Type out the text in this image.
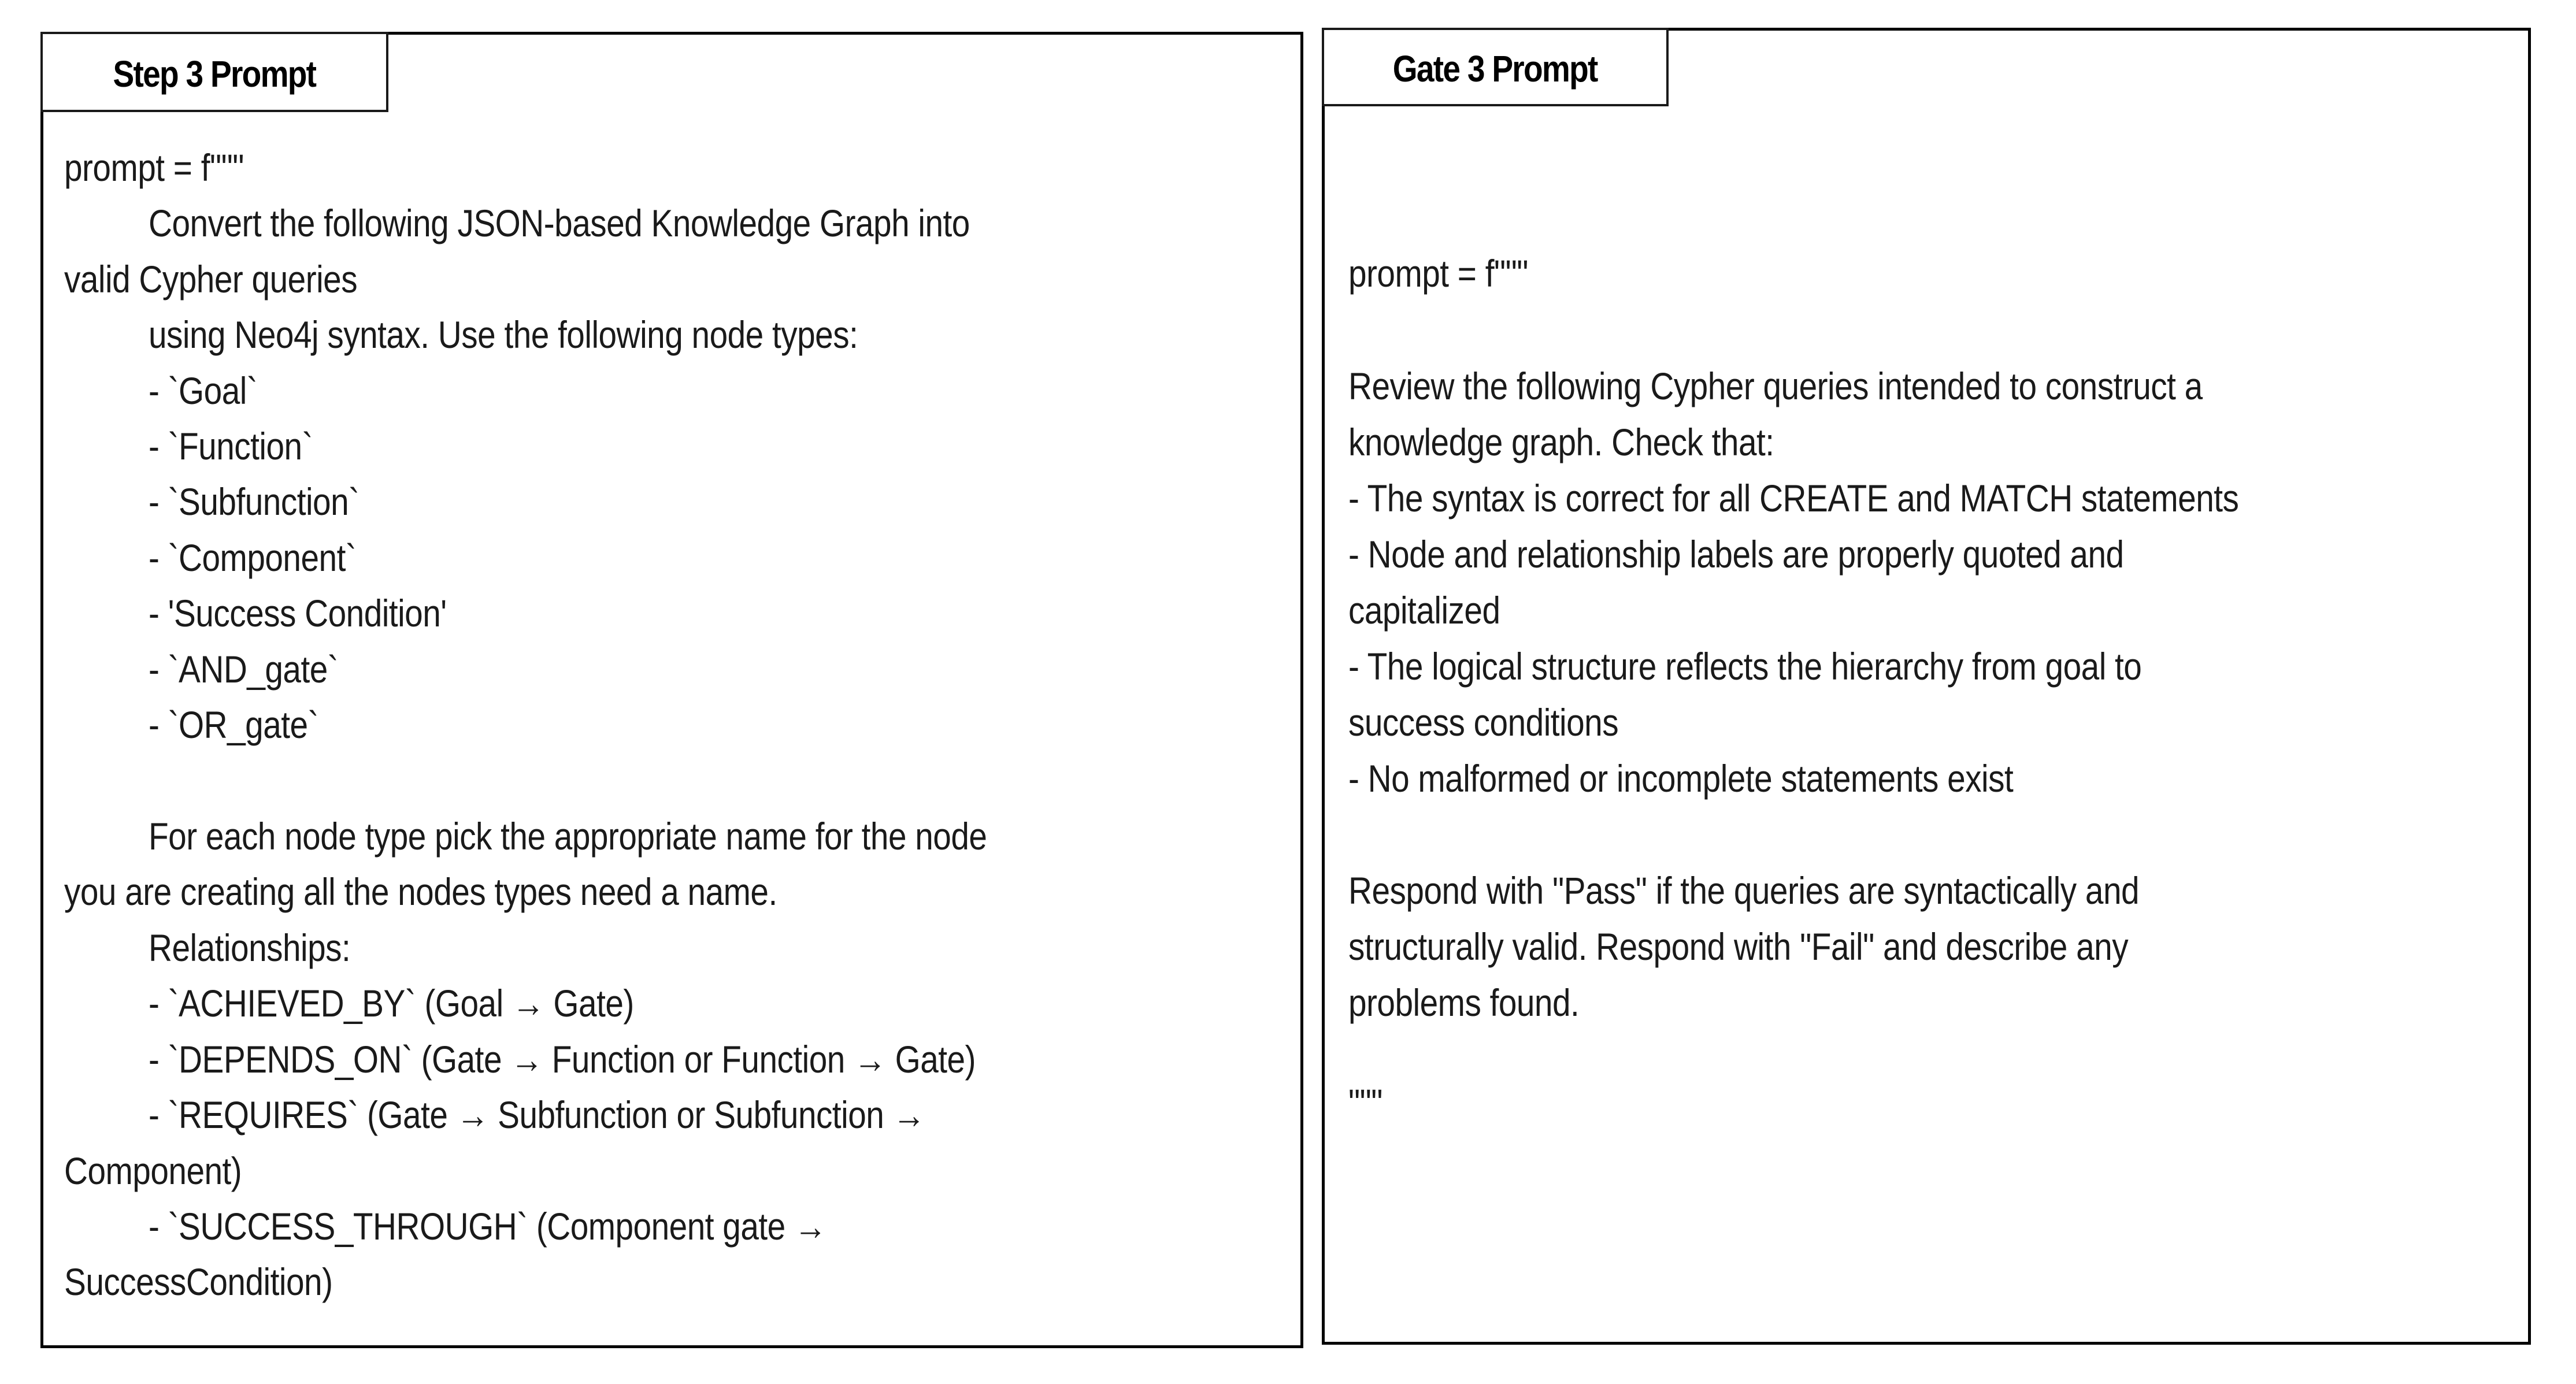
Step 3 Prompt
prompt = f"""
Convert the following JSON-based Knowledge Graph into
valid Cypher queries
using Neo4j syntax. Use the following node types:
- `Goal`
- `Function`
- `Subfunction`
- `Component`
- 'Success Condition'
- `AND_gate`
- `OR_gate`
For each node type pick the appropriate name for the node
you are creating all the nodes types need a name.
Relationships:
- `ACHIEVED_BY` (Goal → Gate)
- `DEPENDS_ON` (Gate → Function or Function → Gate)
- `REQUIRES` (Gate → Subfunction or Subfunction →
Component)
- `SUCCESS_THROUGH` (Component gate →
SuccessCondition)
Gate 3 Prompt
prompt = f"""
Review the following Cypher queries intended to construct a
knowledge graph. Check that:
- The syntax is correct for all CREATE and MATCH statements
- Node and relationship labels are properly quoted and
capitalized
- The logical structure reflects the hierarchy from goal to
success conditions
- No malformed or incomplete statements exist
Respond with "Pass" if the queries are syntactically and
structurally valid. Respond with "Fail" and describe any
problems found.
"""
